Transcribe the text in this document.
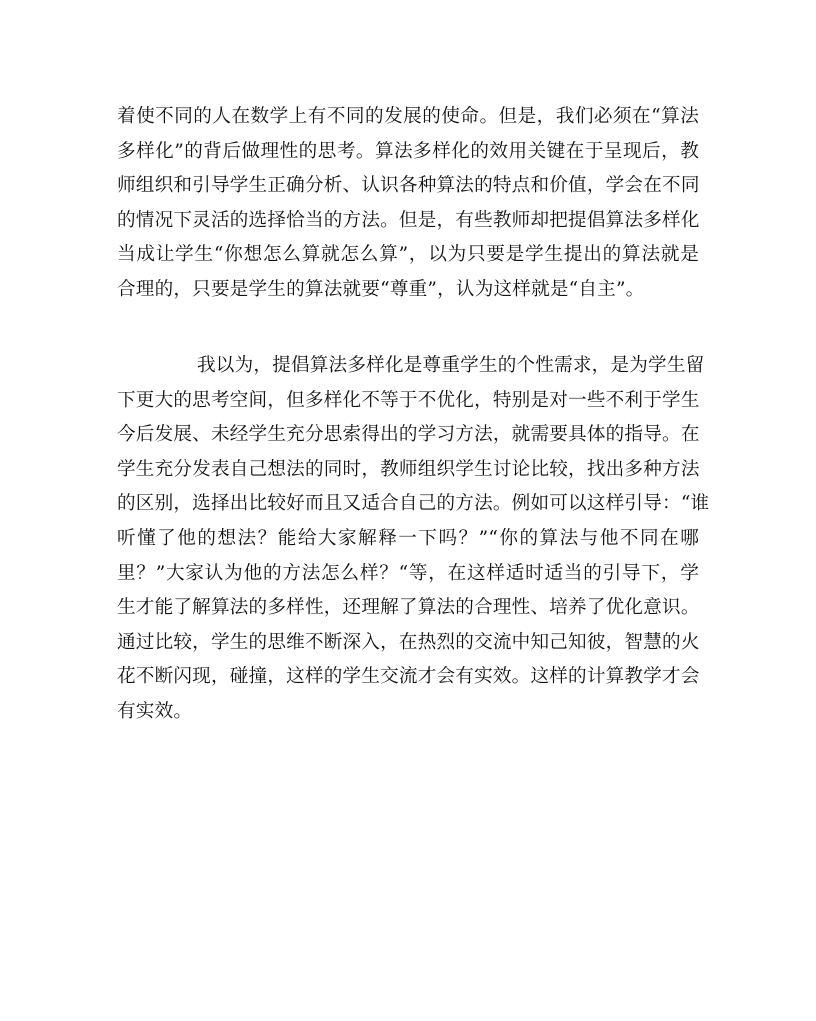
着使不同的人在数学上有不同的发展的使命。但是，我们必须在“算法
多样化”的背后做理性的思考。算法多样化的效用关键在于呈现后，教
师组织和引导学生正确分析、认识各种算法的特点和价值，学会在不同
的情况下灵活的选择恰当的方法。但是，有些教师却把提倡算法多样化
当成让学生“你想怎么算就怎么算”，以为只要是学生提出的算法就是
合理的，只要是学生的算法就要“尊重”，认为这样就是“自主”。
我以为，提倡算法多样化是尊重学生的个性需求，是为学生留
下更大的思考空间，但多样化不等于不优化，特别是对一些不利于学生
今后发展、未经学生充分思索得出的学习方法，就需要具体的指导。在
学生充分发表自己想法的同时，教师组织学生讨论比较，找出多种方法
的区别，选择出比较好而且又适合自己的方法。例如可以这样引导：“谁
听懂了他的想法？能给大家解释一下吗？”“你的算法与他不同在哪
里？”大家认为他的方法怎么样？“等，在这样适时适当的引导下，学
生才能了解算法的多样性，还理解了算法的合理性、培养了优化意识。
通过比较，学生的思维不断深入，在热烈的交流中知己知彼，智慧的火
花不断闪现，碰撞，这样的学生交流才会有实效。这样的计算教学才会
有实效。
